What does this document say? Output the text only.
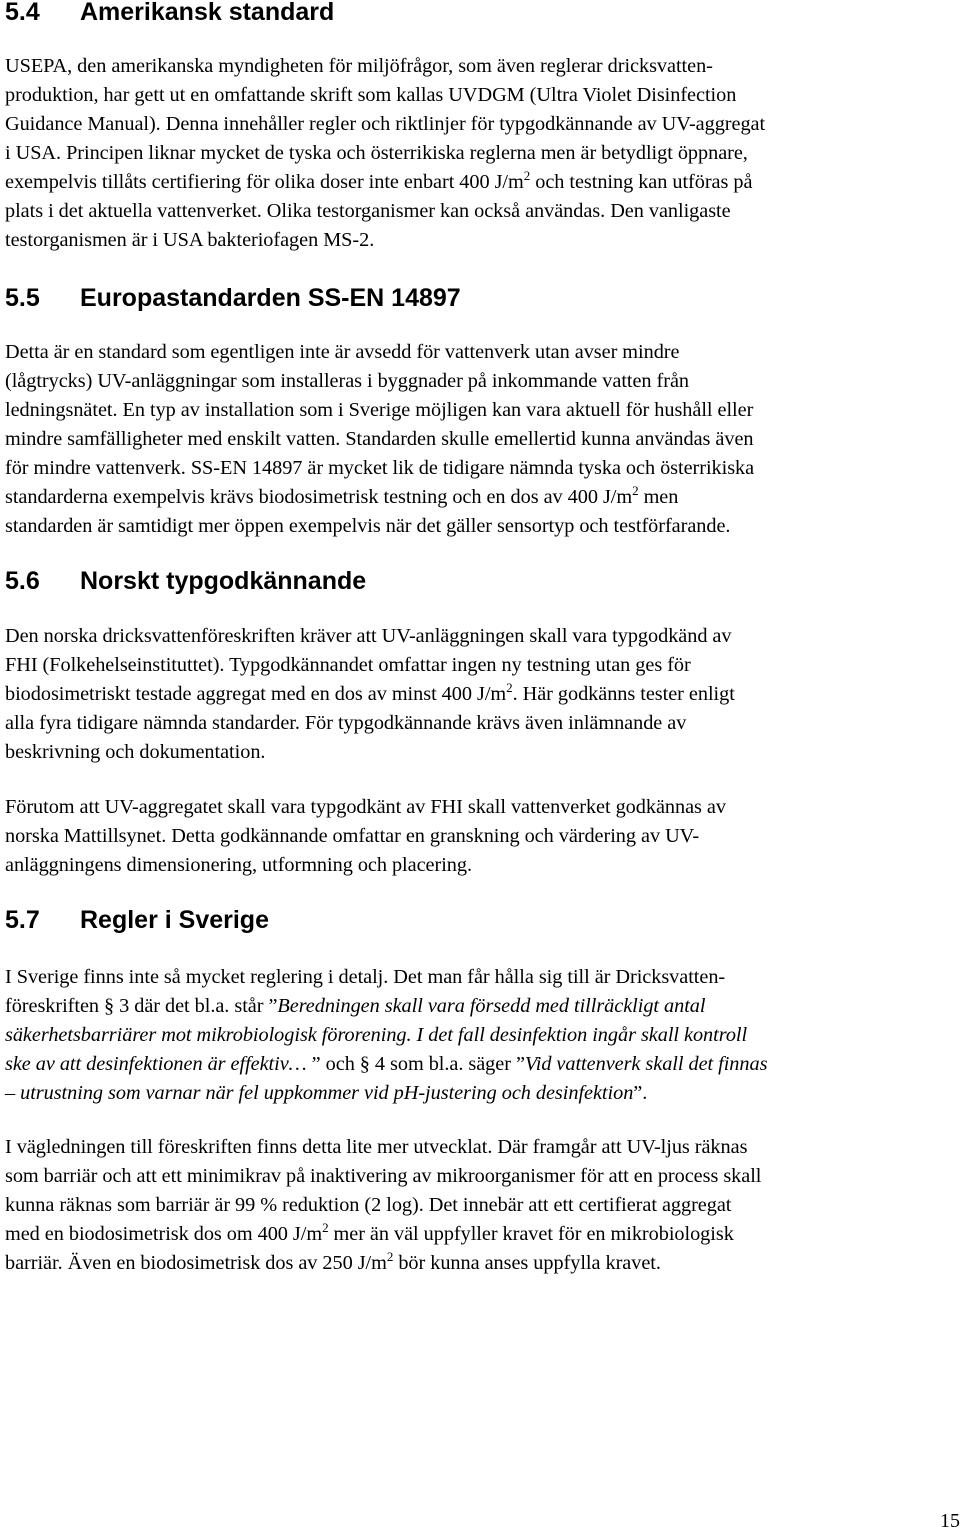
5.4 Amerikansk standard

USEPA, den amerikanska myndigheten för miljöfrågor, som även reglerar dricksvatten-
produktion, har gett ut en omfattande skrift som kallas UVDGM (Ultra Violet Disinfection
Guidance Manual). Denna innehåller regler och riktlinjer för typgodkännande av UV-aggregat
i USA. Principen liknar mycket de tyska och österrikiska reglerna men är betydligt öppnare,
exempelvis tillåts certifiering för olika doser inte enbart 400 $J/m^2$ och testning kan utföras på
plats i det aktuella vattenverket. Olika testorganismer kan också användas. Den vanligaste
testorganismen är i USA bakteriofagen MS-2.

5.5 Europastandarden SS-EN 14897

Detta är en standard som egentligen inte är avsedd för vattenverk utan avser mindre
(lågtrycks) UV-anläggningar som installeras i byggnader på inkommande vatten från
ledningsnätet. En typ av installation som i Sverige möjligen kan vara aktuell för hushåll eller
mindre samfälligheter med enskilt vatten. Standarden skulle emellertid kunna användas även
för mindre vattenverk. SS-EN 14897 är mycket lik de tidigare nämnda tyska och österrikiska
standarderna exempelvis krävs biodosimetrisk testning och en dos av 400 $J/m^2$ men
standarden är samtidigt mer öppen exempelvis när det gäller sensortyp och testförfarande.

5.6 Norskt typgodkännande

Den norska dricksvattenföreskriften kräver att UV-anläggningen skall vara typgodkänd av
FHI (Folkehelseinstituttet). Typgodkännandet omfattar ingen ny testning utan ges för
biodosimetriskt testade aggregat med en dos av minst 400 $J/m^2$. Här godkänns tester enligt
alla fyra tidigare nämnda standarder. För typgodkännande krävs även inlämnande av
beskrivning och dokumentation.

Förutom att UV-aggregatet skall vara typgodkänt av FHI skall vattenverket godkännas av
norska Mattillsynet. Detta godkännande omfattar en granskning och värdering av UV-
anläggningens dimensionering, utformning och placering.

5.7 Regler i Sverige

I Sverige finns inte så mycket reglering i detalj. Det man får hålla sig till är Dricksvatten-
föreskriften § 3 där det bl.a. står ”Beredningen skall vara försedd med tillräckligt antal
säkerhetsbarriärer mot mikrobiologisk förorening. I det fall desinfektion ingår skall kontroll
ske av att desinfektionen är effektiv… ” och § 4 som bl.a. säger ”Vid vattenverk skall det finnas
– utrustning som varnar när fel uppkommer vid pH-justering och desinfektion”.

I vägledningen till föreskriften finns detta lite mer utvecklat. Där framgår att UV-ljus räknas
som barriär och att ett minimikrav på inaktivering av mikroorganismer för att en process skall
kunna räknas som barriär är 99 % reduktion (2 log). Det innebär att ett certifierat aggregat
med en biodosimetrisk dos om 400 $J/m^2$ mer än väl uppfyller kravet för en mikrobiologisk
barriär. Även en biodosimetrisk dos av 250 $J/m^2$ bör kunna anses uppfylla kravet.

15
